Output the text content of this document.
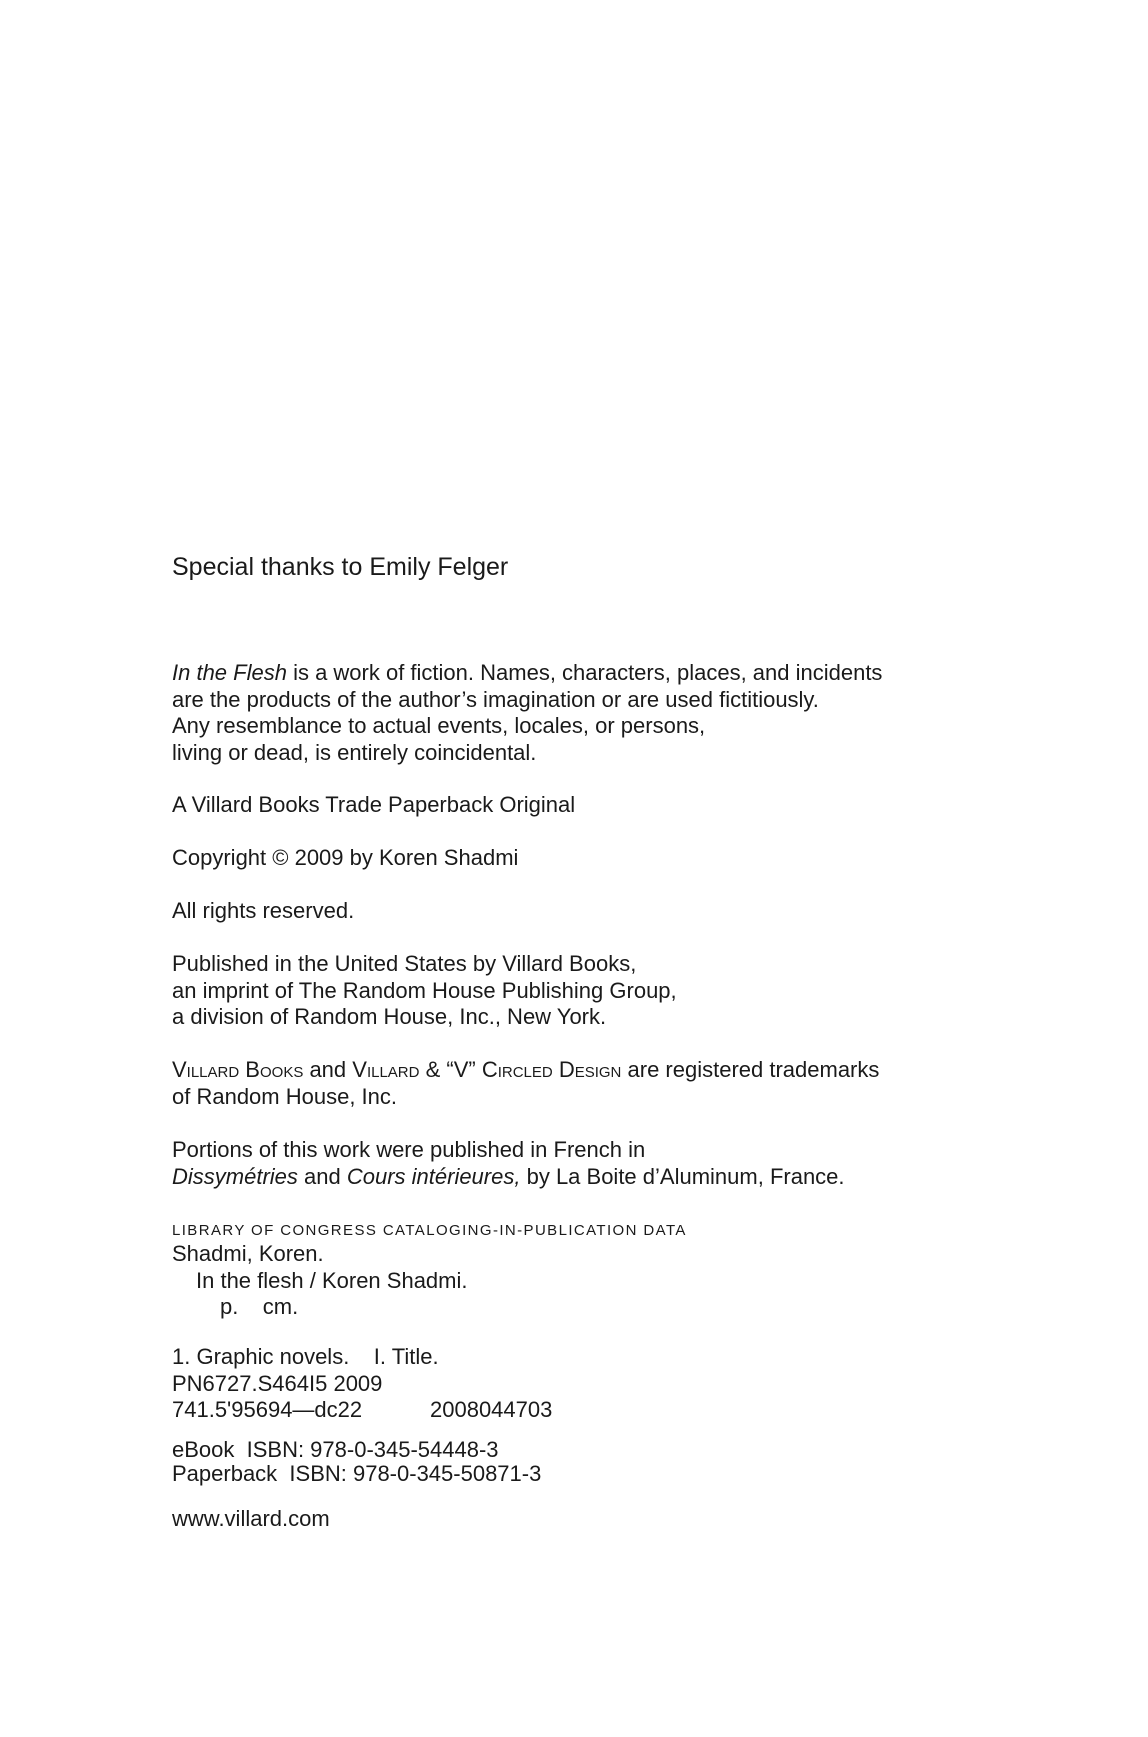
Special thanks to Emily Felger

In the Flesh is a work of fiction. Names, characters, places, and incidents
are the products of the author’s imagination or are used fictitiously.
Any resemblance to actual events, locales, or persons,
living or dead, is entirely coincidental.

A Villard Books Trade Paperback Original

Copyright © 2009 by Koren Shadmi

All rights reserved.

Published in the United States by Villard Books,
an imprint of The Random House Publishing Group,
a division of Random House, Inc., New York.

Villard Books and Villard & “V” Circled Design are registered trademarks
of Random House, Inc.

Portions of this work were published in French in
Dissymétries and Cours intérieures, by La Boite d’Aluminum, France.

LIBRARY OF CONGRESS CATALOGING-IN-PUBLICATION DATA
Shadmi, Koren.
In the flesh / Koren Shadmi.
p.    cm.

1. Graphic novels.    I. Title.
PN6727.S464I5 2009
741.5'95694—dc22	2008044703

eBook  ISBN: 978-0-345-54448-3
Paperback  ISBN: 978-0-345-50871-3

www.villard.com
